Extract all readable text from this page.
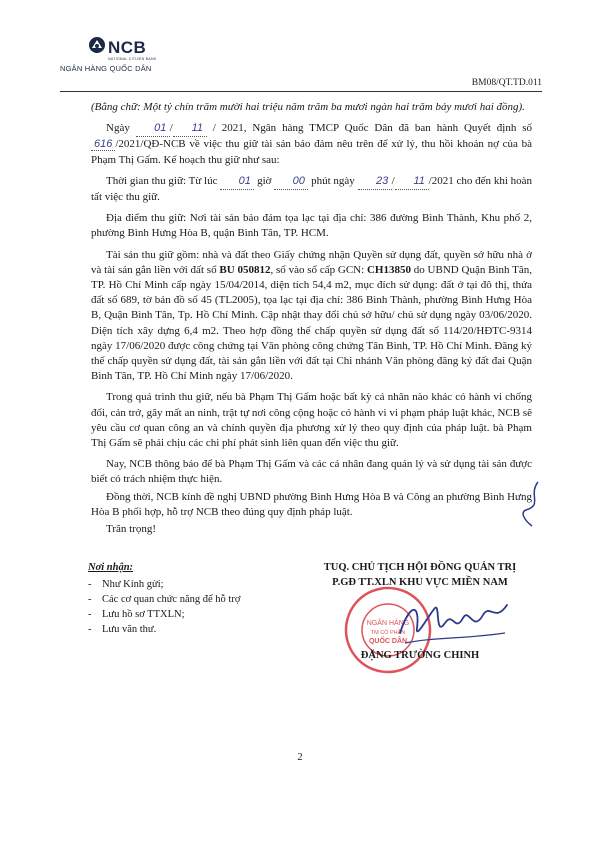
NCB
NATIONAL CITIZEN BANK
NGÂN HÀNG QUỐC DÂN
BM08/QT.TD.011

(Bằng chữ: Một tỷ chín trăm mười hai triệu năm trăm ba mươi ngàn hai trăm bảy mươi hai đồng).

Ngày 01 / 11 / 2021, Ngân hàng TMCP Quốc Dân đã ban hành Quyết định số 616 /2021/QĐ-NCB về việc thu giữ tài sản bảo đảm nêu trên để xử lý, thu hồi khoản nợ của bà Phạm Thị Gấm. Kế hoạch thu giữ như sau:

Thời gian thu giữ: Từ lúc 01 giờ 00 phút ngày 23 / 11 /2021 cho đến khi hoàn tất việc thu giữ.

Địa điểm thu giữ: Nơi tài sản bảo đảm tọa lạc tại địa chỉ: 386 đường Bình Thành, Khu phố 2, phường Bình Hưng Hòa B, quận Bình Tân, TP. HCM.

Tài sản thu giữ gồm: nhà và đất theo Giấy chứng nhận Quyền sử dụng đất, quyền sở hữu nhà ở và tài sản gắn liền với đất số BU 050812, số vào sổ cấp GCN: CH13850 do UBND Quận Bình Tân, TP. Hồ Chí Minh cấp ngày 15/04/2014, diện tích 54,4 m2, mục đích sử dụng: đất ở tại đô thị, thửa đất số 689, tờ bản đồ số 45 (TL2005), tọa lạc tại địa chỉ: 386 Bình Thành, phường Bình Hưng Hòa B, Quận Bình Tân, Tp. Hồ Chí Minh. Cập nhật thay đổi chủ sở hữu/ chủ sử dụng ngày 03/06/2020. Diện tích xây dựng 6,4 m2. Theo hợp đồng thế chấp quyền sử dụng đất số 114/20/HĐTC-9314 ngày 17/06/2020 được công chứng tại Văn phòng công chứng Tân Bình, TP. Hồ Chí Minh. Đăng ký thế chấp quyền sử dụng đất, tài sản gắn liền với đất tại Chi nhánh Văn phòng đăng ký đất đai Quận Bình Tân, TP. Hồ Chí Minh ngày 17/06/2020.

Trong quá trình thu giữ, nếu bà Phạm Thị Gấm hoặc bất kỳ cá nhân nào khác có hành vi chống đối, cản trở, gây mất an ninh, trật tự nơi công cộng hoặc có hành vi vi phạm pháp luật khác, NCB sẽ yêu cầu cơ quan công an và chính quyền địa phương xử lý theo quy định của pháp luật. bà Phạm Thị Gấm sẽ phải chịu các chi phí phát sinh liên quan đến việc thu giữ.

Nay, NCB thông báo để bà Phạm Thị Gấm và các cá nhân đang quản lý và sử dụng tài sản được biết có trách nhiệm thực hiện.

Đồng thời, NCB kính đề nghị UBND phường Bình Hưng Hòa B và Công an phường Bình Hưng Hòa B phối hợp, hỗ trợ NCB theo đúng quy định pháp luật.

Trân trọng!

Nơi nhận:
- Như Kính gửi;
- Các cơ quan chức năng để hỗ trợ
- Lưu hồ sơ TTXLN;
- Lưu văn thư.
TUQ. CHỦ TỊCH HỘI ĐỒNG QUẢN TRỊ
P.GĐ TT.XLN KHU VỰC MIỀN NAM
NGÂN HÀNG
TM CỔ PHẦN
QUỐC DÂN
ĐẶNG TRƯỜNG CHINH
2
